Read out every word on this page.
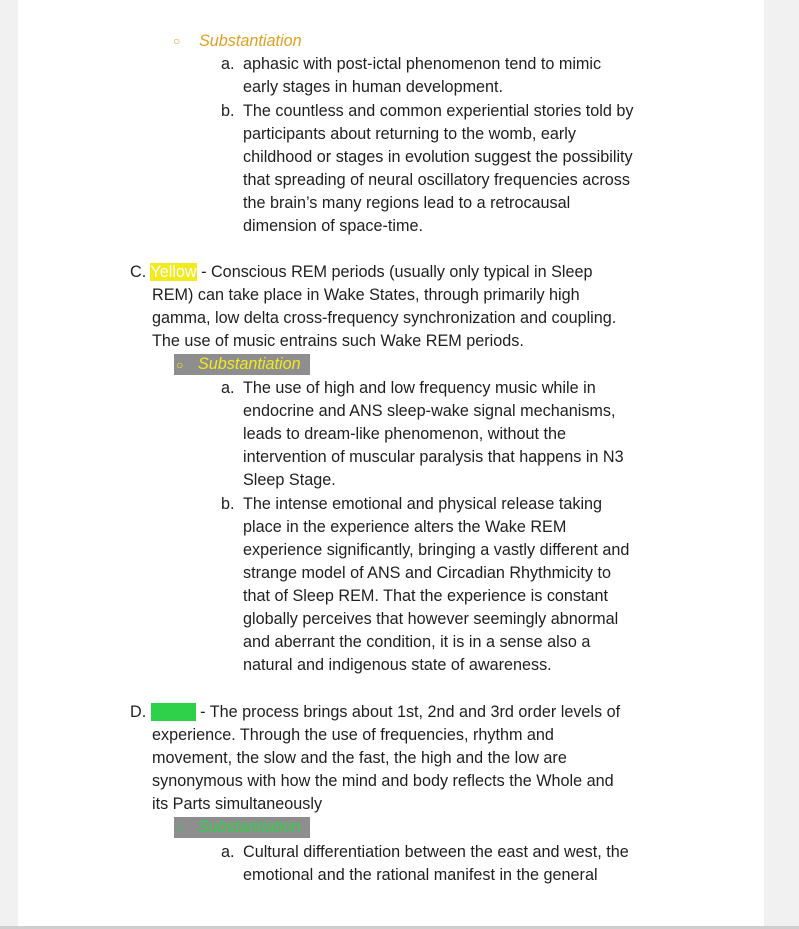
○ Substantiation
a. aphasic with post-ictal phenomenon tend to mimic
early stages in human development.
b. The countless and common experiential stories told by
participants about returning to the womb, early
childhood or stages in evolution suggest the possibility
that spreading of neural oscillatory frequencies across
the brain’s many regions lead to a retrocausal
dimension of space-time.
C. Yellow - Conscious REM periods (usually only typical in Sleep
REM) can take place in Wake States, through primarily high
gamma, low delta cross-frequency synchronization and coupling.
The use of music entrains such Wake REM periods.
○ Substantiation
a. The use of high and low frequency music while in
endocrine and ANS sleep-wake signal mechanisms,
leads to dream-like phenomenon, without the
intervention of muscular paralysis that happens in N3
Sleep Stage.
b. The intense emotional and physical release taking
place in the experience alters the Wake REM
experience significantly, bringing a vastly different and
strange model of ANS and Circadian Rhythmicity to
that of Sleep REM. That the experience is constant
globally perceives that however seemingly abnormal
and aberrant the condition, it is in a sense also a
natural and indigenous state of awareness.
D. Green - The process brings about 1st, 2nd and 3rd order levels of
experience. Through the use of frequencies, rhythm and
movement, the slow and the fast, the high and the low are
synonymous with how the mind and body reflects the Whole and
its Parts simultaneously
○ Substantiation
a. Cultural differentiation between the east and west, the
emotional and the rational manifest in the general
